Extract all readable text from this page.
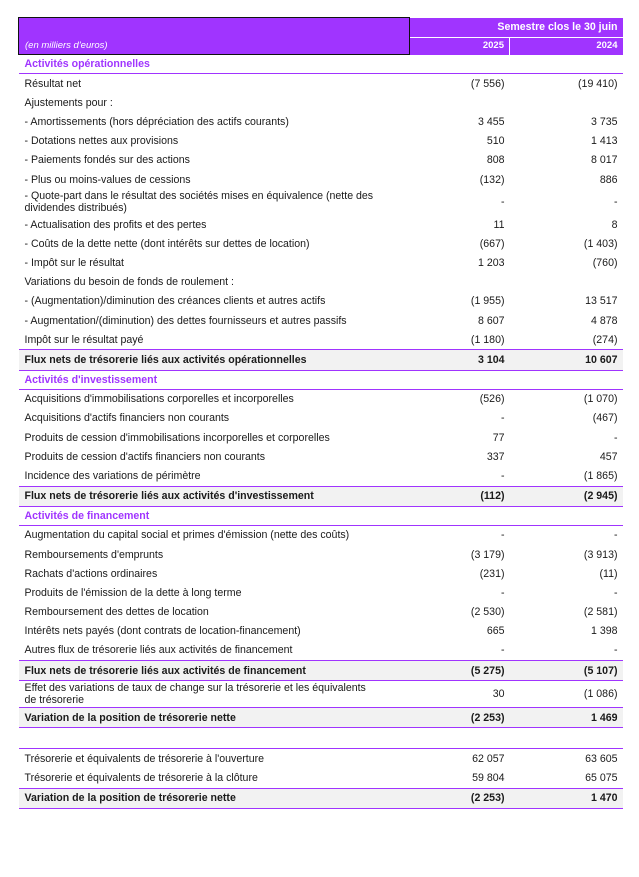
	Semestre clos le 30 juin	
(en milliers d'euros)	2025	2024
Activités opérationnelles		
Résultat net	(7 556)	(19 410)
Ajustements pour :		
- Amortissements (hors dépréciation des actifs courants)	3 455	3 735
- Dotations nettes aux provisions	510	1 413
- Paiements fondés sur des actions	808	8 017
- Plus ou moins-values de cessions	(132)	886
- Quote-part dans le résultat des sociétés mises en équivalence (nette des dividendes distribués)	-	-
- Actualisation des profits et des pertes	11	8
- Coûts de la dette nette (dont intérêts sur dettes de location)	(667)	(1 403)
- Impôt sur le résultat	1 203	(760)
Variations du besoin de fonds de roulement :		
- (Augmentation)/diminution des créances clients et autres actifs	(1 955)	13 517
- Augmentation/(diminution) des dettes fournisseurs et autres passifs	8 607	4 878
Impôt sur le résultat payé	(1 180)	(274)
Flux nets de trésorerie liés aux activités opérationnelles	3 104	10 607
Activités d'investissement		
Acquisitions d'immobilisations corporelles et incorporelles	(526)	(1 070)
Acquisitions d'actifs financiers non courants	-	(467)
Produits de cession d'immobilisations incorporelles et corporelles	77	-
Produits de cession d'actifs financiers non courants	337	457
Incidence des variations de périmètre	-	(1 865)
Flux nets de trésorerie liés aux activités d'investissement	(112)	(2 945)
Activités de financement		
Augmentation du capital social et primes d'émission (nette des coûts)	-	-
Remboursements d'emprunts	(3 179)	(3 913)
Rachats d'actions ordinaires	(231)	(11)
Produits de l'émission de la dette à long terme	-	-
Remboursement des dettes de location	(2 530)	(2 581)
Intérêts nets payés (dont contrats de location-financement)	665	1 398
Autres flux de trésorerie liés aux activités de financement	-	-
Flux nets de trésorerie liés aux activités de financement	(5 275)	(5 107)
Effet des variations de taux de change sur la trésorerie et les équivalents de trésorerie	30	(1 086)
Variation de la position de trésorerie nette	(2 253)	1 469

Trésorerie et équivalents de trésorerie à l'ouverture	62 057	63 605
Trésorerie et équivalents de trésorerie à la clôture	59 804	65 075
Variation de la position de trésorerie nette	(2 253)	1 470
